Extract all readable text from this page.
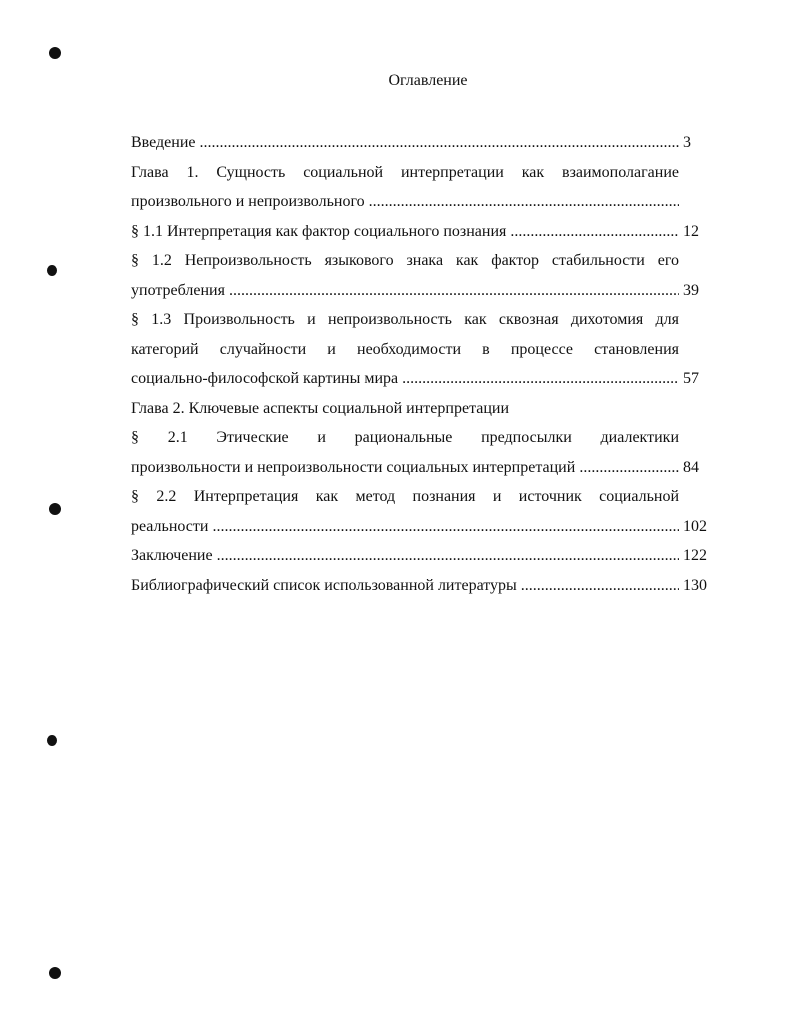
Оглавление
Введение .....	3
Глава 1. Сущность социальной интерпретации как взаимополагание
произвольного и непроизвольного .....
§ 1.1 Интерпретация как фактор социального познания .....	12
§ 1.2 Непроизвольность языкового знака как фактор стабильности его
употребления .....	39
§ 1.3 Произвольность и непроизвольность как сквозная дихотомия для
категорий случайности и необходимости в процессе становления
социально-философской картины мира .....	57
Глава 2. Ключевые аспекты социальной интерпретации
§ 2.1 Этические и рациональные предпосылки диалектики
произвольности и непроизвольности социальных интерпретаций .....	84
§ 2.2 Интерпретация как метод познания и источник социальной
реальности .....	102
Заключение .....	122
Библиографический список использованной литературы .....	130
